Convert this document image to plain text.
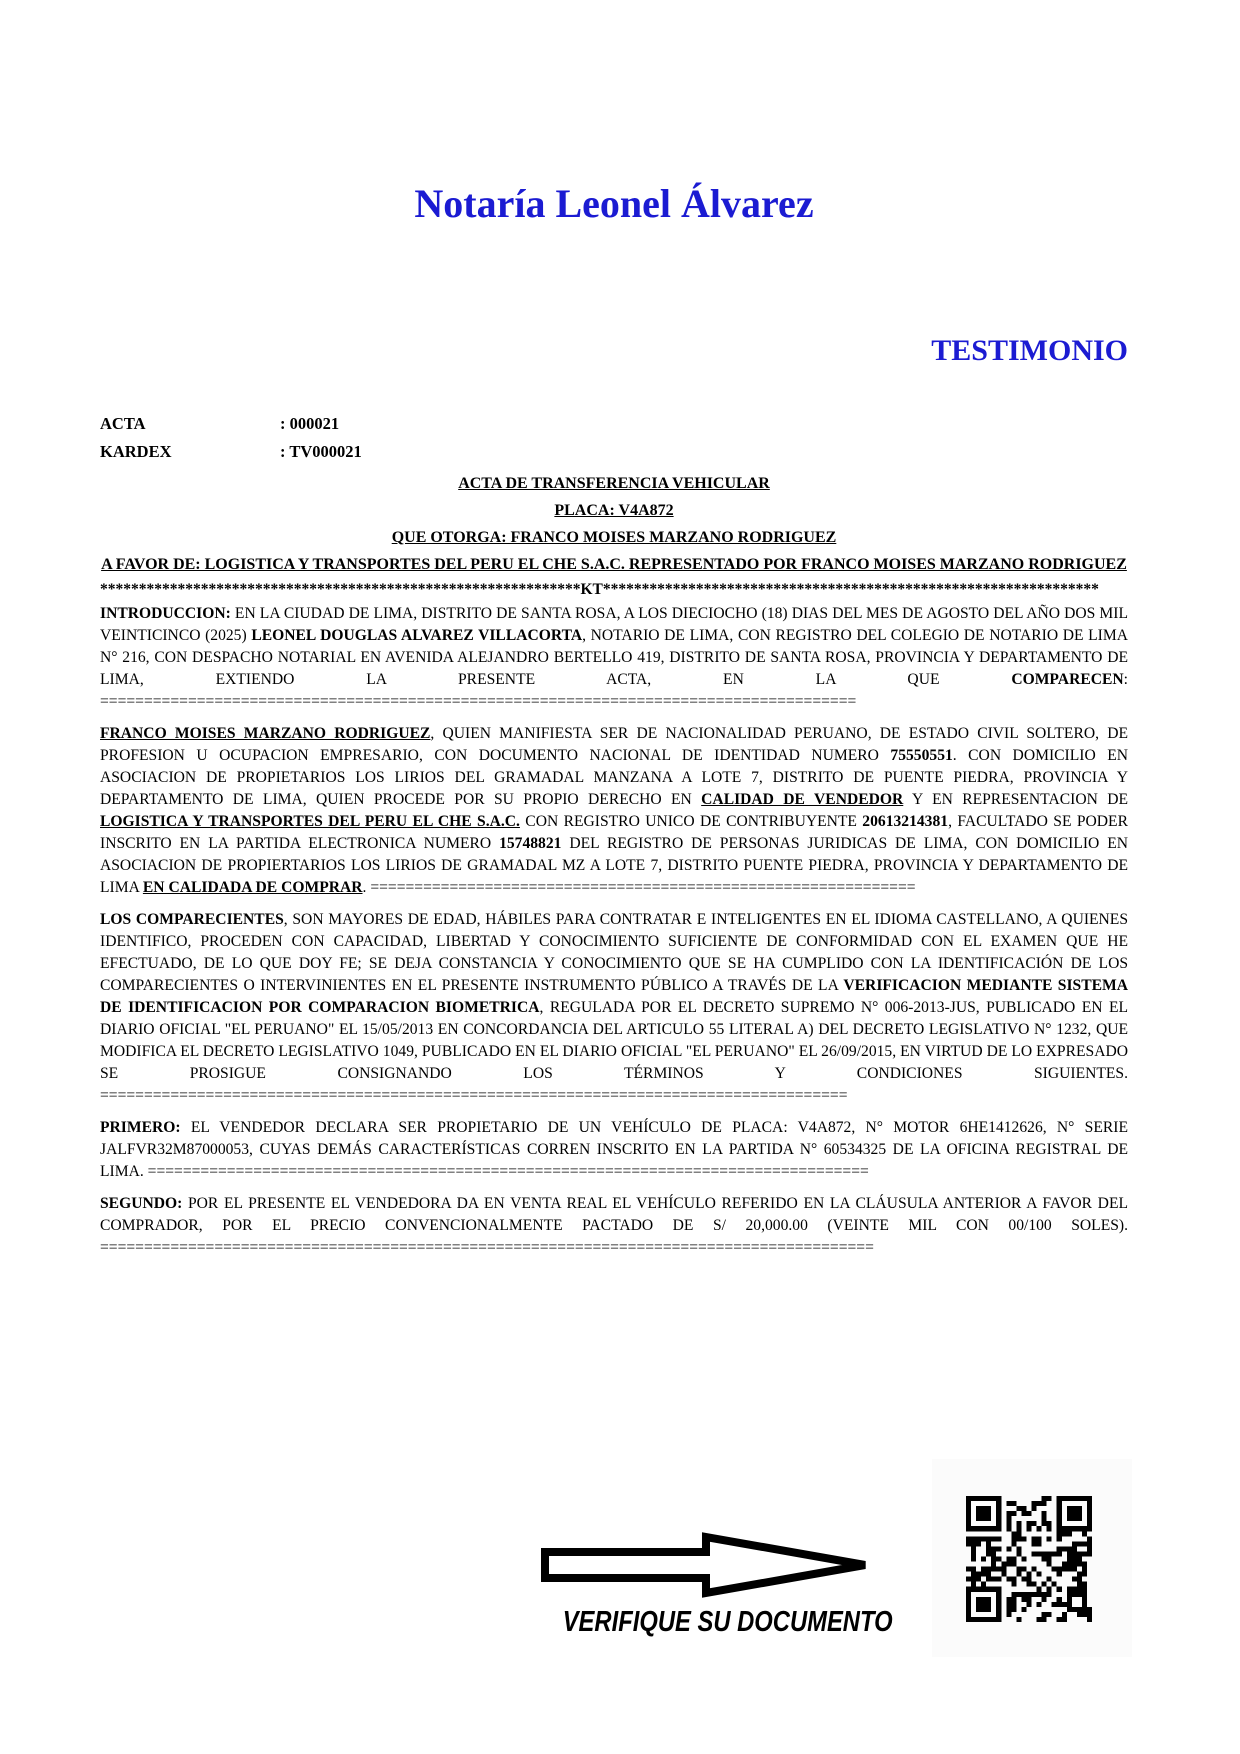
Notaría Leonel Álvarez
TESTIMONIO
ACTA	: 000021
KARDEX	: TV000021
ACTA DE TRANSFERENCIA VEHICULAR
PLACA: V4A872
QUE OTORGA: FRANCO MOISES MARZANO RODRIGUEZ
A FAVOR DE: LOGISTICA Y TRANSPORTES DEL PERU EL CHE S.A.C. REPRESENTADO POR FRANCO MOISES MARZANO RODRIGUEZ
**************************************************************KT****************************************************************
INTRODUCCION: EN LA CIUDAD DE LIMA, DISTRITO DE SANTA ROSA, A LOS DIECIOCHO (18) DIAS DEL MES DE AGOSTO DEL AÑO DOS MIL VEINTICINCO (2025) LEONEL DOUGLAS ALVAREZ VILLACORTA, NOTARIO DE LIMA, CON REGISTRO DEL COLEGIO DE NOTARIO DE LIMA N° 216, CON DESPACHO NOTARIAL EN AVENIDA ALEJANDRO BERTELLO 419, DISTRITO DE SANTA ROSA, PROVINCIA Y DEPARTAMENTO DE LIMA, EXTIENDO LA PRESENTE ACTA, EN LA QUE COMPARECEN: ======================================================================================
FRANCO MOISES MARZANO RODRIGUEZ, QUIEN MANIFIESTA SER DE NACIONALIDAD PERUANO, DE ESTADO CIVIL SOLTERO, DE PROFESION U OCUPACION EMPRESARIO, CON DOCUMENTO NACIONAL DE IDENTIDAD NUMERO 75550551. CON DOMICILIO EN ASOCIACION DE PROPIETARIOS LOS LIRIOS DEL GRAMADAL MANZANA A LOTE 7, DISTRITO DE PUENTE PIEDRA, PROVINCIA Y DEPARTAMENTO DE LIMA, QUIEN PROCEDE POR SU PROPIO DERECHO EN CALIDAD DE VENDEDOR Y EN REPRESENTACION DE LOGISTICA Y TRANSPORTES DEL PERU EL CHE S.A.C. CON REGISTRO UNICO DE CONTRIBUYENTE 20613214381, FACULTADO SE PODER INSCRITO EN LA PARTIDA ELECTRONICA NUMERO 15748821 DEL REGISTRO DE PERSONAS JURIDICAS DE LIMA, CON DOMICILIO EN ASOCIACION DE PROPIERTARIOS LOS LIRIOS DE GRAMADAL MZ A LOTE 7, DISTRITO PUENTE PIEDRA, PROVINCIA Y DEPARTAMENTO DE LIMA EN CALIDADA DE COMPRAR. ==============================================================
LOS COMPARECIENTES, SON MAYORES DE EDAD, HÁBILES PARA CONTRATAR E INTELIGENTES EN EL IDIOMA CASTELLANO, A QUIENES IDENTIFICO, PROCEDEN CON CAPACIDAD, LIBERTAD Y CONOCIMIENTO SUFICIENTE DE CONFORMIDAD CON EL EXAMEN QUE HE EFECTUADO, DE LO QUE DOY FE; SE DEJA CONSTANCIA Y CONOCIMIENTO QUE SE HA CUMPLIDO CON LA IDENTIFICACIÓN DE LOS COMPARECIENTES O INTERVINIENTES EN EL PRESENTE INSTRUMENTO PÚBLICO A TRAVÉS DE LA VERIFICACION MEDIANTE SISTEMA DE IDENTIFICACION POR COMPARACION BIOMETRICA, REGULADA POR EL DECRETO SUPREMO N° 006-2013-JUS, PUBLICADO EN EL DIARIO OFICIAL "EL PERUANO" EL 15/05/2013 EN CONCORDANCIA DEL ARTICULO 55 LITERAL A) DEL DECRETO LEGISLATIVO N° 1232, QUE MODIFICA EL DECRETO LEGISLATIVO 1049, PUBLICADO EN EL DIARIO OFICIAL "EL PERUANO" EL 26/09/2015, EN VIRTUD DE LO EXPRESADO SE PROSIGUE CONSIGNANDO LOS TÉRMINOS Y CONDICIONES SIGUIENTES. =====================================================================================
PRIMERO: EL VENDEDOR DECLARA SER PROPIETARIO DE UN VEHÍCULO DE PLACA: V4A872, N° MOTOR 6HE1412626, N° SERIE JALFVR32M87000053, CUYAS DEMÁS CARACTERÍSTICAS CORREN INSCRITO EN LA PARTIDA N° 60534325 DE LA OFICINA REGISTRAL DE LIMA. ==================================================================================
SEGUNDO: POR EL PRESENTE EL VENDEDORA DA EN VENTA REAL EL VEHÍCULO REFERIDO EN LA CLÁUSULA ANTERIOR A FAVOR DEL COMPRADOR, POR EL PRECIO CONVENCIONALMENTE PACTADO DE S/ 20,000.00 (VEINTE MIL CON 00/100 SOLES). ========================================================================================
VERIFIQUE SU DOCUMENTO
